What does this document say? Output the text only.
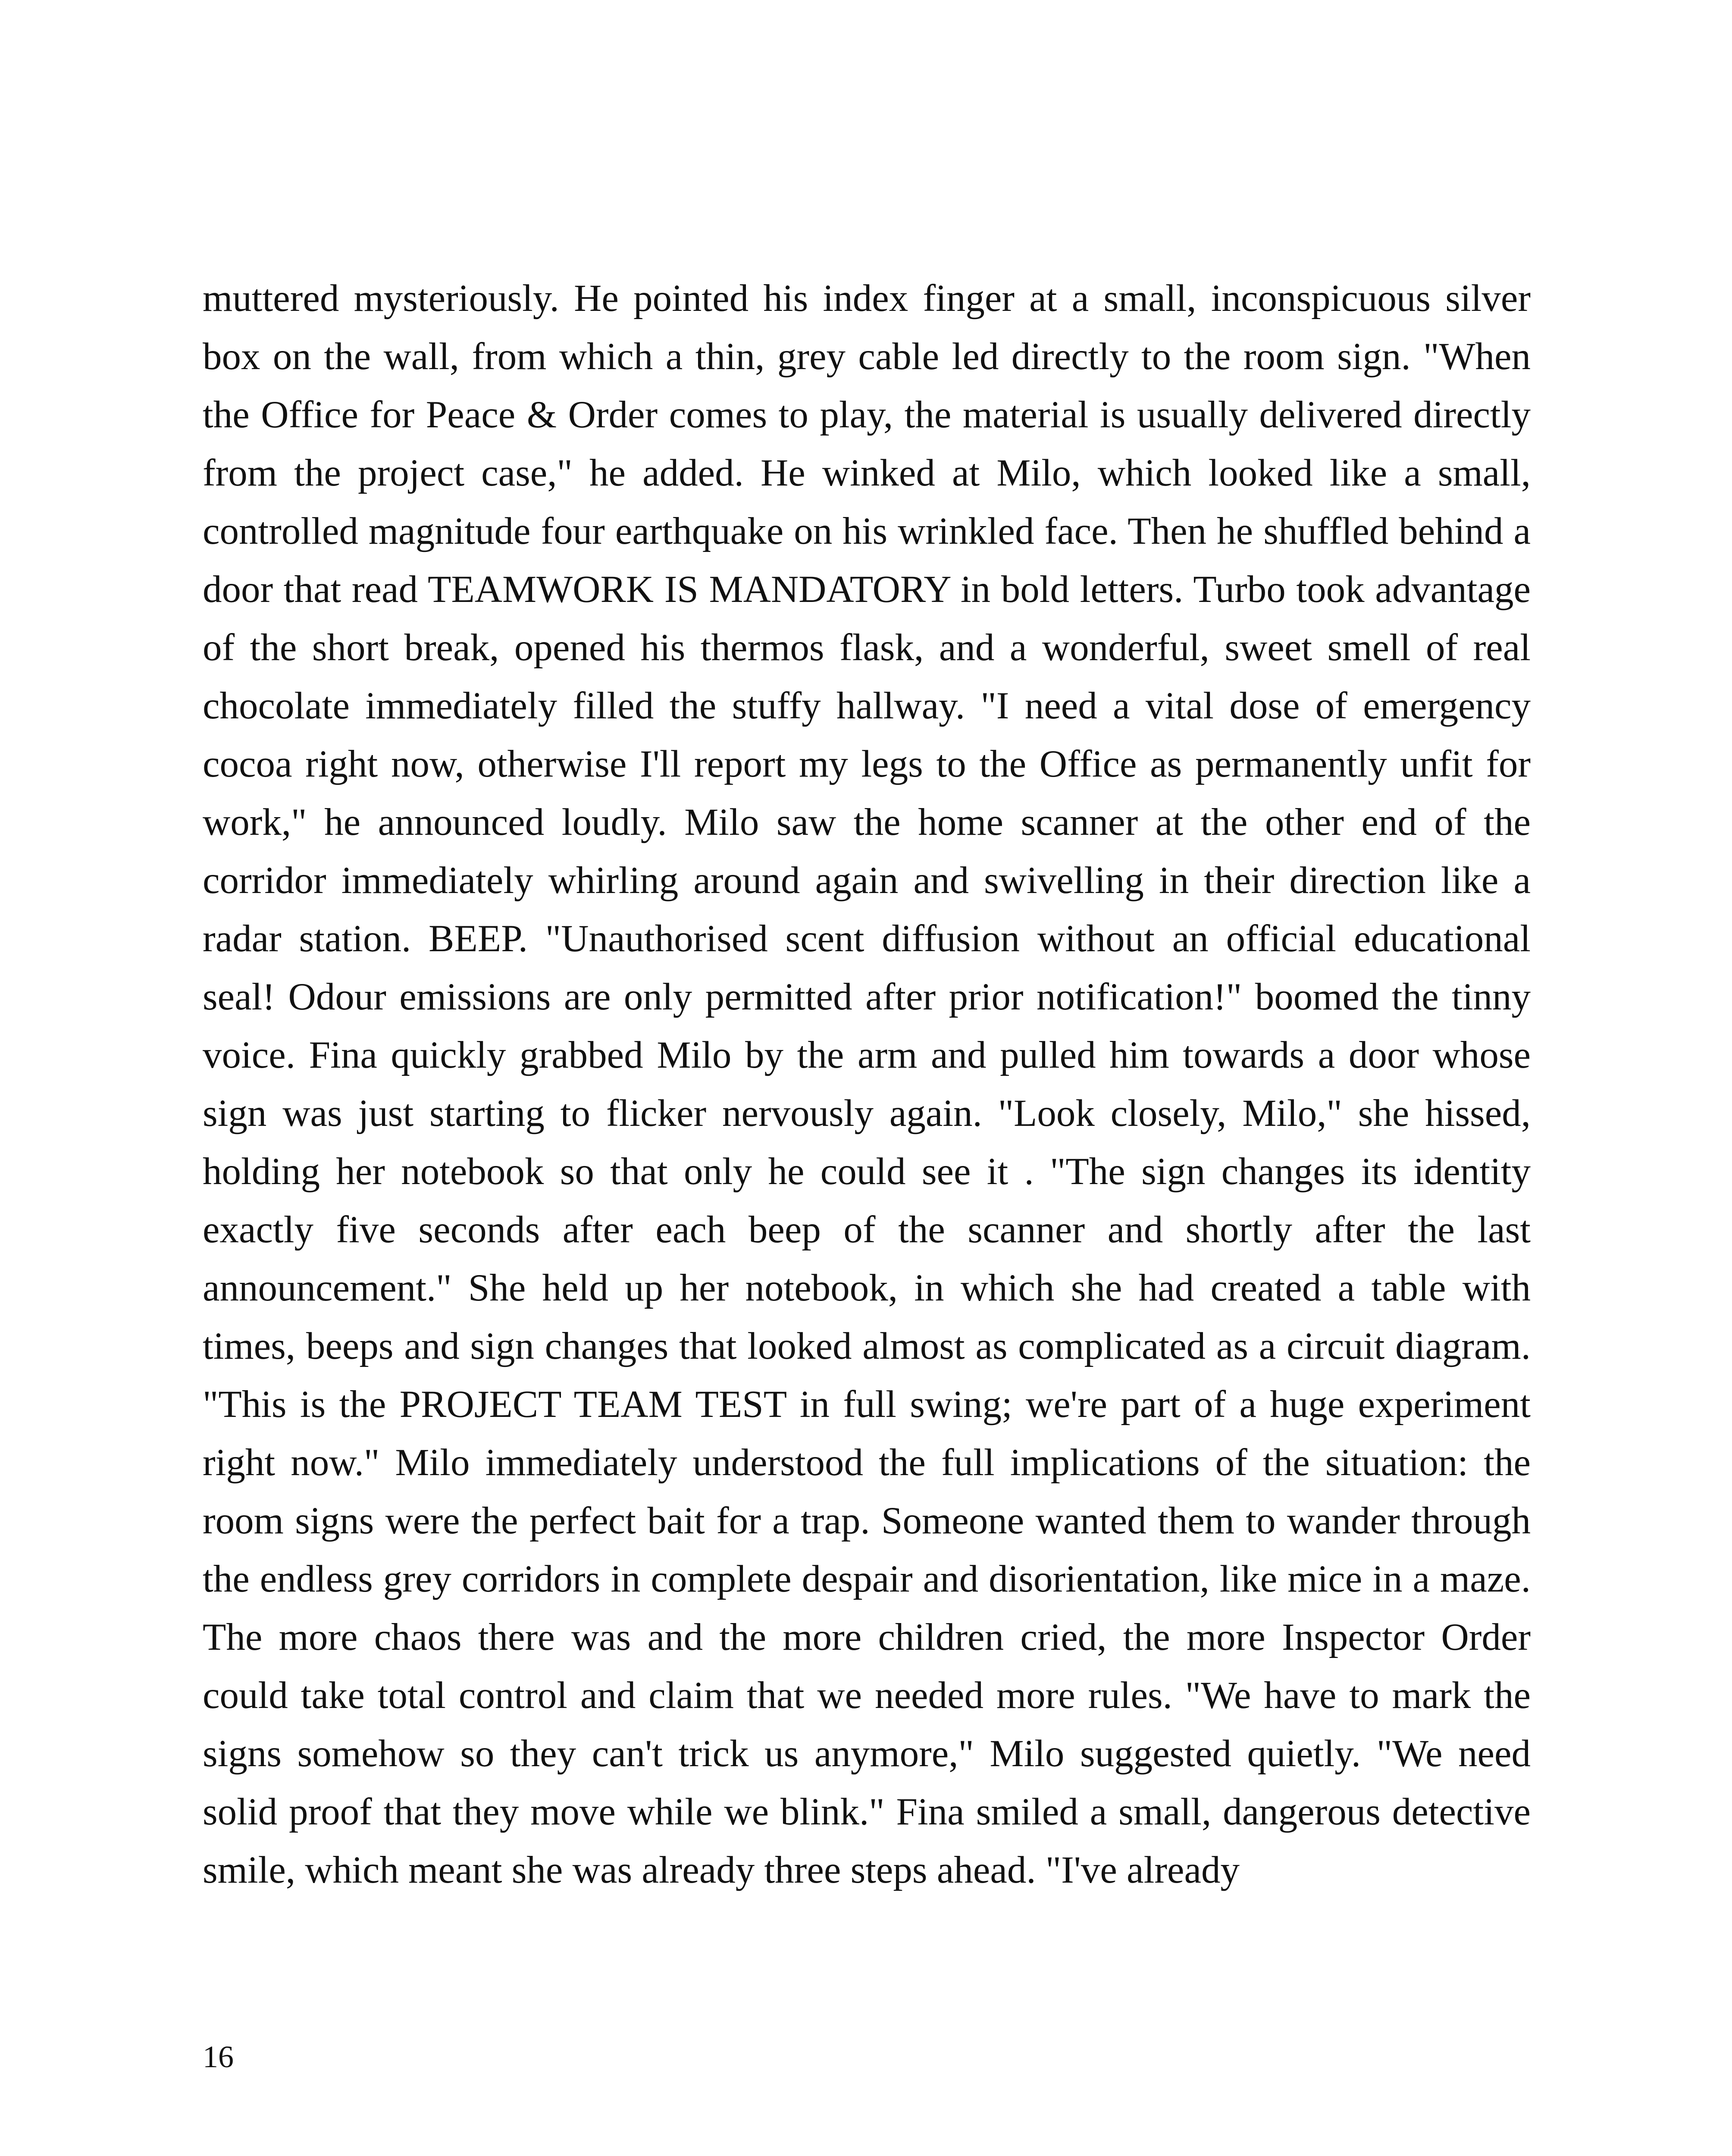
muttered mysteriously. He pointed his index finger at a small, inconspicuous silver box on the wall, from which a thin, grey cable led directly to the room sign. "When the Office for Peace & Order comes to play, the material is usually delivered directly from the project case," he added. He winked at Milo, which looked like a small, controlled magnitude four earthquake on his wrinkled face. Then he shuffled behind a door that read TEAMWORK IS MANDATORY in bold letters. Turbo took advantage of the short break, opened his thermos flask, and a wonderful, sweet smell of real chocolate immediately filled the stuffy hallway. "I need a vital dose of emergency cocoa right now, otherwise I'll report my legs to the Office as permanently unfit for work," he announced loudly. Milo saw the home scanner at the other end of the corridor immediately whirling around again and swivelling in their direction like a radar station. BEEP. "Unauthorised scent diffusion without an official educational seal! Odour emissions are only permitted after prior notification!" boomed the tinny voice. Fina quickly grabbed Milo by the arm and pulled him towards a door whose sign was just starting to flicker nervously again. "Look closely, Milo," she hissed, holding her notebook so that only he could see it . "The sign changes its identity exactly five seconds after each beep of the scanner and shortly after the last announcement." She held up her notebook, in which she had created a table with times, beeps and sign changes that looked almost as complicated as a circuit diagram. "This is the PROJECT TEAM TEST in full swing; we're part of a huge experiment right now." Milo immediately understood the full implications of the situation: the room signs were the perfect bait for a trap. Someone wanted them to wander through the endless grey corridors in complete despair and disorientation, like mice in a maze. The more chaos there was and the more children cried, the more Inspector Order could take total control and claim that we needed more rules. "We have to mark the signs somehow so they can't trick us anymore," Milo suggested quietly. "We need solid proof that they move while we blink." Fina smiled a small, dangerous detective smile, which meant she was already three steps ahead. "I've already

16
